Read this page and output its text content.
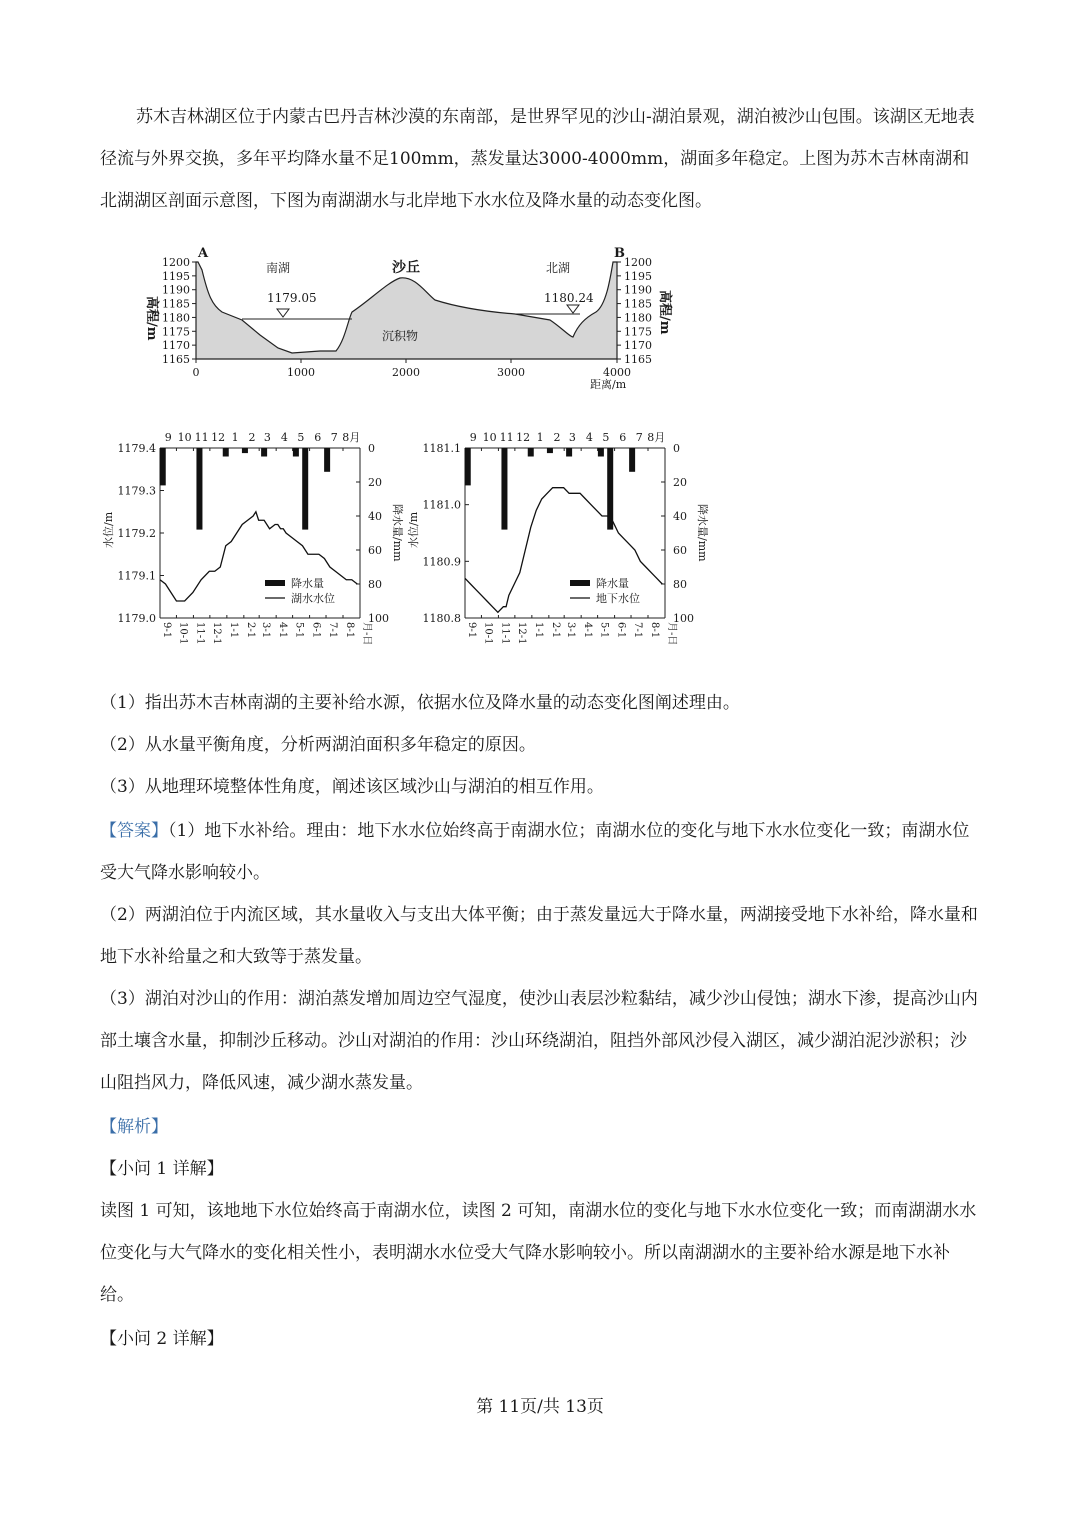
苏木吉林湖区位于内蒙古巴丹吉林沙漠的东南部，是世界罕见的沙山-湖泊景观，湖泊被沙山包围。该湖区无地表径流与外界交换，多年平均降水量不足100mm，蒸发量达3000-4000mm，湖面多年稳定。上图为苏木吉林南湖和北湖湖区剖面示意图，下图为南湖湖水与北岸地下水水位及降水量的动态变化图。

1200
1195
1190
1185
1180
1175
1170
1165
1200
1195
1190
1185
1180
1175
1170
1165
0	1000	2000	3000	4000
A	B
南湖	沙丘	北湖
1179.05	1180.24
沉积物
高程/m	高程/m
距离/m
9 10 11 12 1 2 3 4 5 6 7 8月
1179.4
1179.3
1179.2
1179.1
1179.0
0
20
40
60
80
100
9-1 10-1 11-1 12-1 1-1 2-1 3-1 4-1 5-1 6-1 7-1 8-1 月-日
水位/m	降水量/mm
降水量
湖水水位
9 10 11 12 1 2 3 4 5 6 7 8月
1181.1
1181.0
1180.9
1180.8
0
20
40
60
80
100
9-1 10-1 11-1 12-1 1-1 2-1 3-1 4-1 5-1 6-1 7-1 8-1 月-日
水位/m	降水量/mm
降水量
地下水位

（1）指出苏木吉林南湖的主要补给水源，依据水位及降水量的动态变化图阐述理由。

（2）从水量平衡角度，分析两湖泊面积多年稳定的原因。

（3）从地理环境整体性角度，阐述该区域沙山与湖泊的相互作用。

【答案】（1）地下水补给。理由：地下水水位始终高于南湖水位；南湖水位的变化与地下水水位变化一致；南湖水位受大气降水影响较小。

（2）两湖泊位于内流区域，其水量收入与支出大体平衡；由于蒸发量远大于降水量，两湖接受地下水补给，降水量和地下水补给量之和大致等于蒸发量。

（3）湖泊对沙山的作用：湖泊蒸发增加周边空气湿度，使沙山表层沙粒黏结，减少沙山侵蚀；湖水下渗，提高沙山内部土壤含水量，抑制沙丘移动。沙山对湖泊的作用：沙山环绕湖泊，阻挡外部风沙侵入湖区，减少湖泊泥沙淤积；沙山阻挡风力，降低风速，减少湖水蒸发量。

【解析】

【小问 1 详解】

读图 1 可知，该地地下水位始终高于南湖水位，读图 2 可知，南湖水位的变化与地下水水位变化一致；而南湖湖水水位变化与大气降水的变化相关性小，表明湖水水位受大气降水影响较小。所以南湖湖水的主要补给水源是地下水补给。

【小问 2 详解】

第 11页/共 13页
